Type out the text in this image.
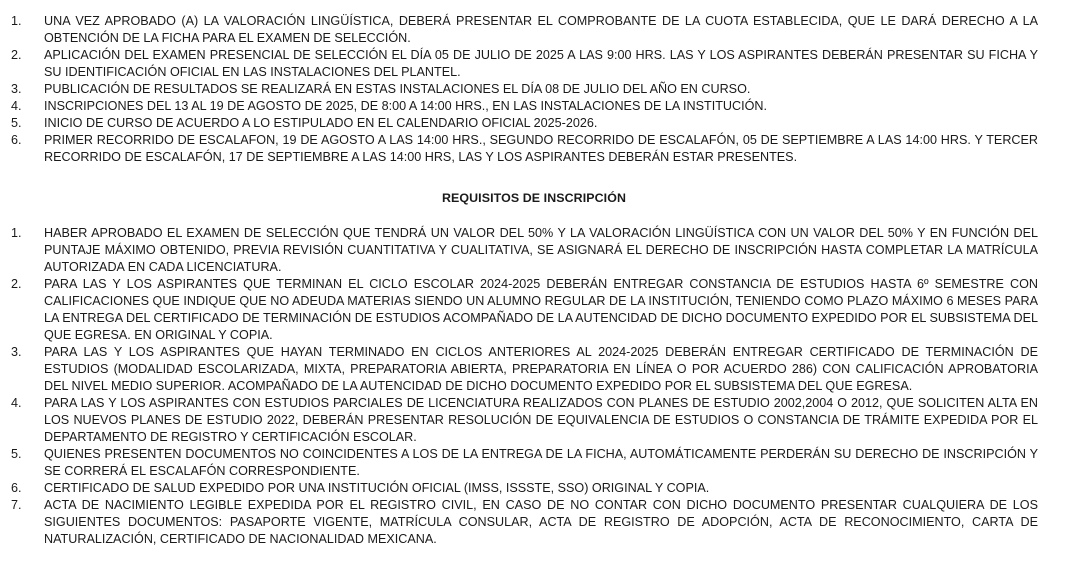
1.	UNA VEZ APROBADO (A) LA VALORACIÓN LINGÜÍSTICA, DEBERÁ PRESENTAR EL COMPROBANTE DE LA CUOTA ESTABLECIDA, QUE LE DARÁ DERECHO A LA OBTENCIÓN DE LA FICHA PARA EL EXAMEN DE SELECCIÓN.
2.	APLICACIÓN DEL EXAMEN PRESENCIAL DE SELECCIÓN EL DÍA 05 DE JULIO DE 2025 A LAS 9:00 HRS. LAS Y LOS ASPIRANTES DEBERÁN PRESENTAR SU FICHA Y SU IDENTIFICACIÓN OFICIAL EN LAS INSTALACIONES DEL PLANTEL.
3.	PUBLICACIÓN DE RESULTADOS SE REALIZARÁ EN ESTAS INSTALACIONES EL DÍA 08 DE JULIO DEL AÑO EN CURSO.
4.	INSCRIPCIONES DEL 13 AL 19 DE AGOSTO DE 2025, DE 8:00 A 14:00 HRS., EN LAS INSTALACIONES DE LA INSTITUCIÓN.
5.	INICIO DE CURSO DE ACUERDO A LO ESTIPULADO EN EL CALENDARIO OFICIAL 2025-2026.
6.	PRIMER RECORRIDO DE ESCALAFON, 19 DE AGOSTO A LAS 14:00 HRS., SEGUNDO RECORRIDO DE ESCALAFÓN, 05 DE SEPTIEMBRE A LAS 14:00 HRS. Y TERCER RECORRIDO DE ESCALAFÓN, 17 DE SEPTIEMBRE A LAS 14:00 HRS, LAS Y LOS ASPIRANTES DEBERÁN ESTAR PRESENTES.
REQUISITOS DE INSCRIPCIÓN
1.	HABER APROBADO EL EXAMEN DE SELECCIÓN QUE TENDRÁ UN VALOR DEL 50% Y LA VALORACIÓN LINGÜÍSTICA CON UN VALOR DEL 50% Y EN FUNCIÓN DEL PUNTAJE MÁXIMO OBTENIDO, PREVIA REVISIÓN CUANTITATIVA Y CUALITATIVA, SE ASIGNARÁ EL DERECHO DE INSCRIPCIÓN HASTA COMPLETAR LA MATRÍCULA AUTORIZADA EN CADA LICENCIATURA.
2.	PARA LAS Y LOS ASPIRANTES QUE TERMINAN EL CICLO ESCOLAR 2024-2025 DEBERÁN ENTREGAR CONSTANCIA DE ESTUDIOS HASTA 6º SEMESTRE CON CALIFICACIONES QUE INDIQUE QUE NO ADEUDA MATERIAS SIENDO UN ALUMNO REGULAR DE LA INSTITUCIÓN, TENIENDO COMO PLAZO MÁXIMO 6 MESES PARA LA ENTREGA DEL CERTIFICADO DE TERMINACIÓN DE ESTUDIOS ACOMPAÑADO DE LA AUTENCIDAD DE DICHO DOCUMENTO EXPEDIDO POR EL SUBSISTEMA DEL QUE EGRESA. EN ORIGINAL Y COPIA.
3.	PARA LAS Y LOS ASPIRANTES QUE HAYAN TERMINADO EN CICLOS ANTERIORES AL 2024-2025 DEBERÁN ENTREGAR CERTIFICADO DE TERMINACIÓN DE ESTUDIOS (MODALIDAD ESCOLARIZADA, MIXTA, PREPARATORIA ABIERTA, PREPARATORIA EN LÍNEA O POR ACUERDO 286) CON CALIFICACIÓN APROBATORIA DEL NIVEL MEDIO SUPERIOR. ACOMPAÑADO DE LA AUTENCIDAD DE DICHO DOCUMENTO EXPEDIDO POR EL SUBSISTEMA DEL QUE EGRESA.
4.	PARA LAS Y LOS ASPIRANTES CON ESTUDIOS PARCIALES DE LICENCIATURA REALIZADOS CON PLANES DE ESTUDIO 2002,2004 O 2012, QUE SOLICITEN ALTA EN LOS NUEVOS PLANES DE ESTUDIO 2022, DEBERÁN PRESENTAR RESOLUCIÓN DE EQUIVALENCIA DE ESTUDIOS O CONSTANCIA DE TRÁMITE EXPEDIDA POR EL DEPARTAMENTO DE REGISTRO Y CERTIFICACIÓN ESCOLAR.
5.	QUIENES PRESENTEN DOCUMENTOS NO COINCIDENTES A LOS DE LA ENTREGA DE LA FICHA, AUTOMÁTICAMENTE PERDERÁN SU DERECHO DE INSCRIPCIÓN Y SE CORRERÁ EL ESCALAFÓN CORRESPONDIENTE.
6.	CERTIFICADO DE SALUD EXPEDIDO POR UNA INSTITUCIÓN OFICIAL (IMSS, ISSSTE, SSO) ORIGINAL Y COPIA.
7.	ACTA DE NACIMIENTO LEGIBLE EXPEDIDA POR EL REGISTRO CIVIL, EN CASO DE NO CONTAR CON DICHO DOCUMENTO PRESENTAR CUALQUIERA DE LOS SIGUIENTES DOCUMENTOS: PASAPORTE VIGENTE, MATRÍCULA CONSULAR, ACTA DE REGISTRO DE ADOPCIÓN, ACTA DE RECONOCIMIENTO, CARTA DE NATURALIZACIÓN, CERTIFICADO DE NACIONALIDAD MEXICANA.
